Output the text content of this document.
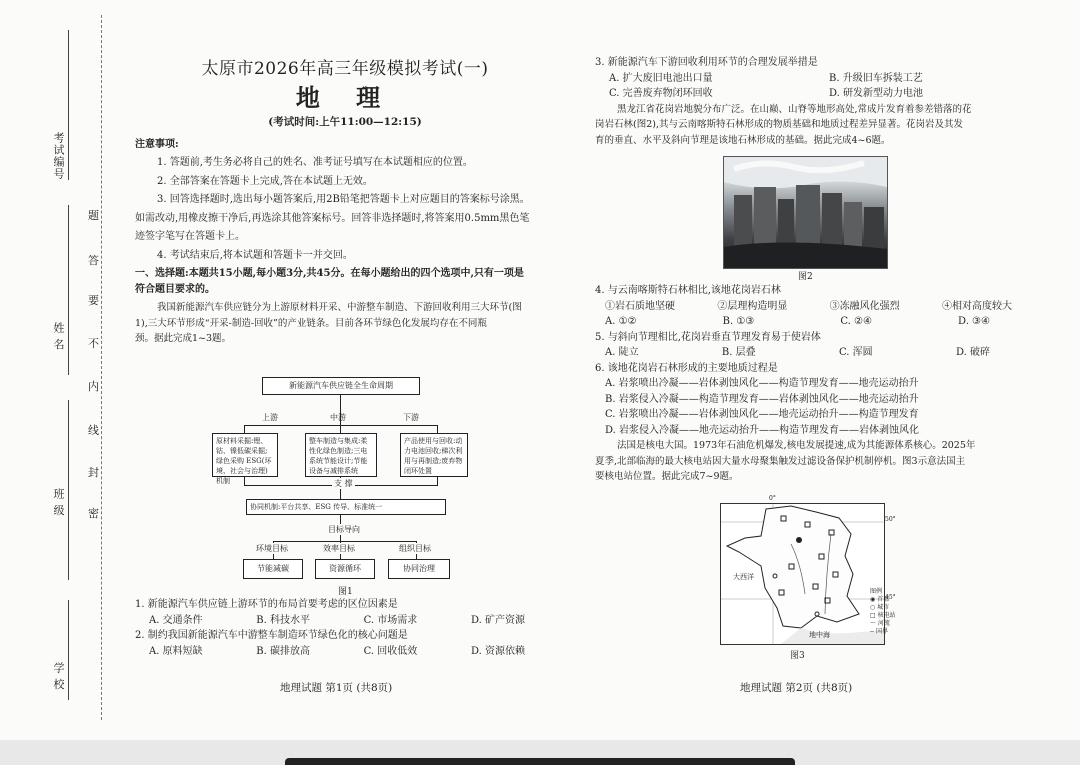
考试编号
姓 名
班 级
学 校
题
答
要
不
内
线
封
密

太原市2026年高三年级模拟考试(一)

地 理

(考试时间:上午11:00—12:15)

注意事项:

1. 答题前,考生务必将自己的姓名、准考证号填写在本试题相应的位置。

2. 全部答案在答题卡上完成,答在本试题上无效。

3. 回答选择题时,选出每小题答案后,用2B铅笔把答题卡上对应题目的答案标号涂黑。

如需改动,用橡皮擦干净后,再选涂其他答案标号。回答非选择题时,将答案用0.5mm黑色笔

迹签字笔写在答题卡上。

4. 考试结束后,将本试题和答题卡一并交回。

一、选择题:本题共15小题,每小题3分,共45分。在每小题给出的四个选项中,只有一项是

符合题目要求的。

我国新能源汽车供应链分为上游原材料开采、中游整车制造、下游回收利用三大环节(图

1),三大环节形成“开采-制造-回收”的产业链条。目前各环节绿色化发展均存在不同瓶

颈。据此完成1~3题。

新能源汽车供应链全生命周期
上游	中游	下游
原材料采掘:锂、钴、镍低碳采掘;绿色采购 ESG(环境、社会与治理)机制
整车制造与集成:柔性化绿色制造;三电系统节能设计;节能设备与减排系统
产品使用与回收:动力电池回收;梯次利用与再制造;废弃物闭环处置
支 撑
协同机制:平台共享、ESG 传导、标准统一
目标导向
环境目标	效率目标	组织目标
节能减碳	资源循环	协同治理
图1

1. 新能源汽车供应链上游环节的布局首要考虑的区位因素是

A. 交通条件	B. 科技水平	C. 市场需求	D. 矿产资源

2. 制约我国新能源汽车中游整车制造环节绿色化的核心问题是

A. 原料短缺	B. 碳排放高	C. 回收低效	D. 资源依赖
地理试题 第1页 (共8页)

3. 新能源汽车下游回收利用环节的合理发展举措是

A. 扩大废旧电池出口量	B. 升级旧车拆装工艺
C. 完善废弃物闭环回收	D. 研发新型动力电池

黑龙江省花岗岩地貌分布广泛。在山巅、山脊等地形高处,常成片发育着参差错落的花

岗岩石林(图2),其与云南喀斯特石林形成的物质基础和地质过程差异显著。花岗岩及其发

育的垂直、水平及斜向节理是该地石林形成的基础。据此完成4~6题。

图2

4. 与云南喀斯特石林相比,该地花岗岩石林

①岩石质地坚硬	②层理构造明显	③冻融风化强烈	④相对高度较大
A. ①②	B. ①③	C. ②④	D. ③④

5. 与斜向节理相比,花岗岩垂直节理发育易于使岩体

A. 陡立	B. 层叠	C. 浑圆	D. 破碎

6. 该地花岗岩石林形成的主要地质过程是

A. 岩浆喷出冷凝——岩体剥蚀风化——构造节理发育——地壳运动抬升

B. 岩浆侵入冷凝——构造节理发育——岩体剥蚀风化——地壳运动抬升

C. 岩浆喷出冷凝——岩体剥蚀风化——地壳运动抬升——构造节理发育

D. 岩浆侵入冷凝——地壳运动抬升——构造节理发育——岩体剥蚀风化

法国是核电大国。1973年石油危机爆发,核电发展提速,成为其能源体系核心。2025年

夏季,北部临海的最大核电站因大量水母聚集触发过滤设备保护机制停机。图3示意法国主

要核电站位置。据此完成7~9题。

大西洋
地中海
50°
45°
0°
图例
◉ 首都
○ 城市
□ 核电站
～ 河流
-- 国界
图3
地理试题 第2页 (共8页)
